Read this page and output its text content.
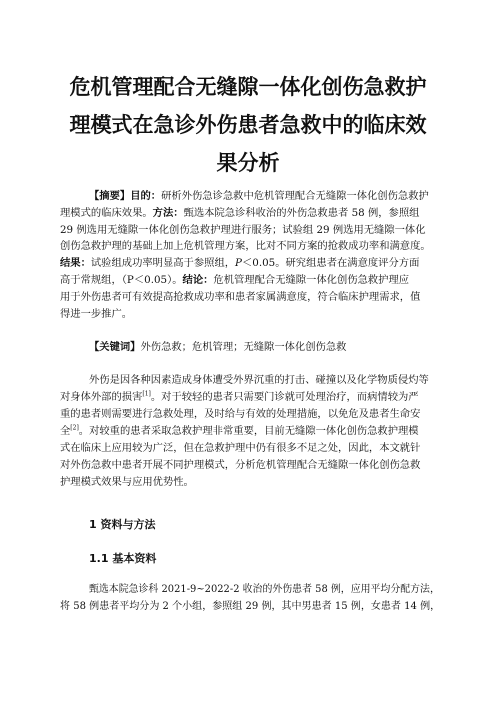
危机管理配合无缝隙一体化创伤急救护
理模式在急诊外伤患者急救中的临床效
果分析
【摘要】目的：研析外伤急诊急救中危机管理配合无缝隙一体化创伤急救护
理模式的临床效果。方法：甄选本院急诊科收治的外伤急救患者 58 例，参照组
29 例选用无缝隙一体化创伤急救护理进行服务；试验组 29 例选用无缝隙一体化
创伤急救护理的基础上加上危机管理方案，比对不同方案的抢救成功率和满意度。
结果：试验组成功率明显高于参照组，P＜0.05。研究组患者在满意度评分方面
高于常规组，（P＜0.05）。结论：危机管理配合无缝隙一体化创伤急救护理应
用于外伤患者可有效提高抢救成功率和患者家属满意度，符合临床护理需求，值
得进一步推广。
【关键词】外伤急救；危机管理；无缝隙一体化创伤急救
外伤是因各种因素造成身体遭受外界沉重的打击、碰撞以及化学物质侵灼等
对身体外部的损害[1]。对于较轻的患者只需要门诊就可处理治疗，而病情较为严
重的患者则需要进行急救处理，及时给与有效的处理措施，以免危及患者生命安
全[2]。对较重的患者采取急救护理非常重要，目前无缝隙一体化创伤急救护理模
式在临床上应用较为广泛，但在急救护理中仍有很多不足之处，因此，本文就针
对外伤急救中患者开展不同护理模式，分析危机管理配合无缝隙一体化创伤急救
护理模式效果与应用优势性。
1 资料与方法
1.1 基本资料
甄选本院急诊科 2021-9~2022-2 收治的外伤患者 58 例，应用平均分配方法，
将 58 例患者平均分为 2 个小组，参照组 29 例，其中男患者 15 例，女患者 14 例，
